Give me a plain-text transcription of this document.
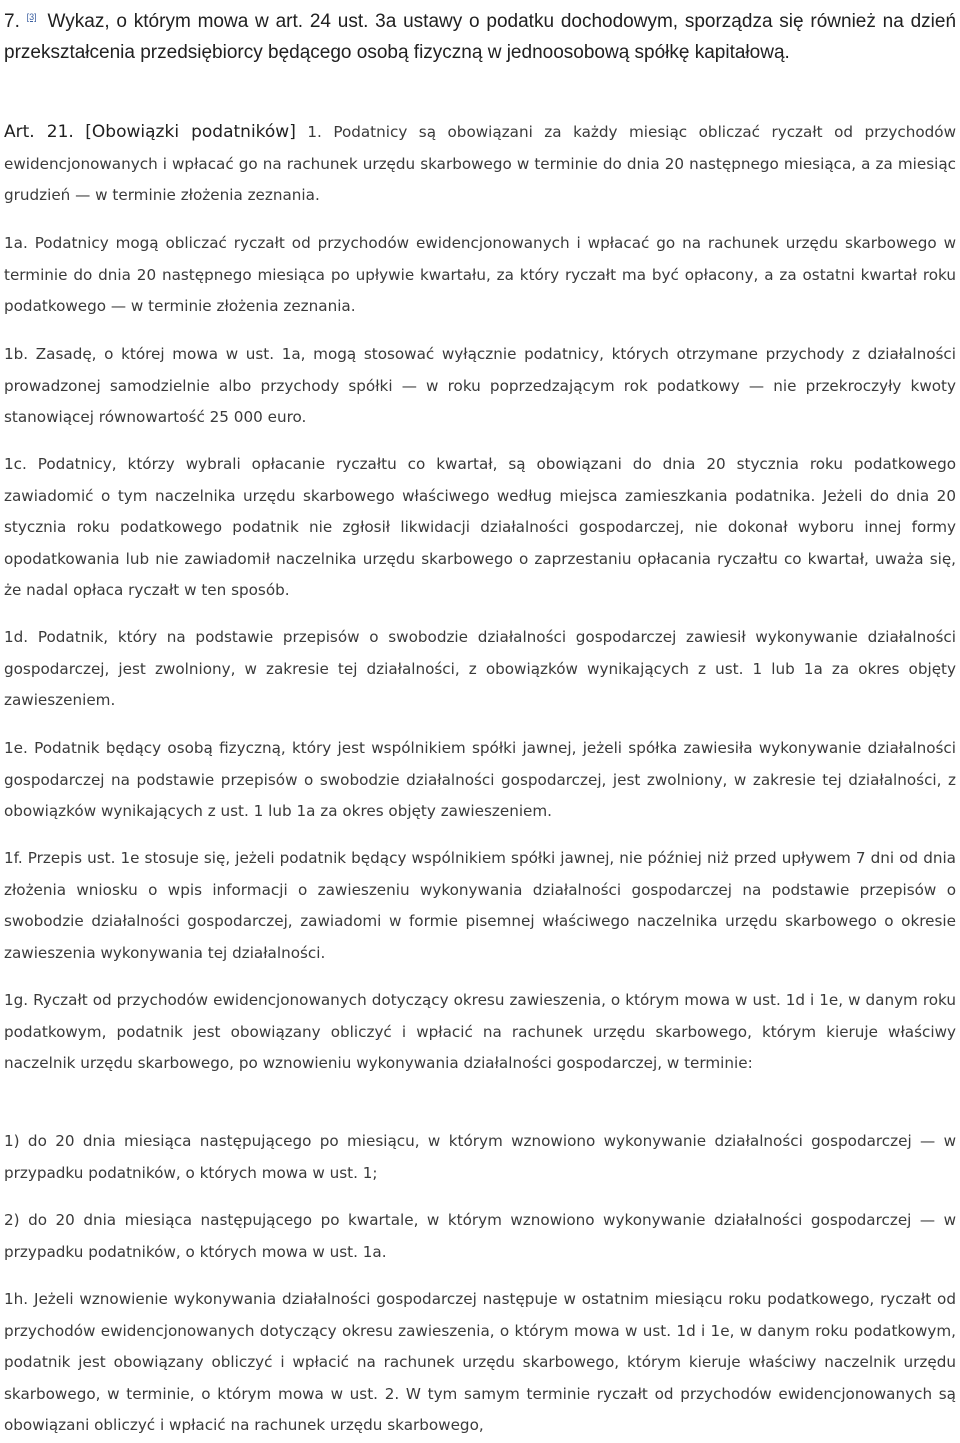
7. [3] Wykaz, o którym mowa w art. 24 ust. 3a ustawy o podatku dochodowym, sporządza się również na dzień przekształcenia przedsiębiorcy będącego osobą fizyczną w jednoosobową spółkę kapitałową.
Art. 21. [Obowiązki podatników] 1. Podatnicy są obowiązani za każdy miesiąc obliczać ryczałt od przychodów ewidencjonowanych i wpłacać go na rachunek urzędu skarbowego w terminie do dnia 20 następnego miesiąca, a za miesiąc grudzień — w terminie złożenia zeznania.
1a. Podatnicy mogą obliczać ryczałt od przychodów ewidencjonowanych i wpłacać go na rachunek urzędu skarbowego w terminie do dnia 20 następnego miesiąca po upływie kwartału, za który ryczałt ma być opłacony, a za ostatni kwartał roku podatkowego — w terminie złożenia zeznania.
1b. Zasadę, o której mowa w ust. 1a, mogą stosować wyłącznie podatnicy, których otrzymane przychody z działalności prowadzonej samodzielnie albo przychody spółki — w roku poprzedzającym rok podatkowy — nie przekroczyły kwoty stanowiącej równowartość 25 000 euro.
1c. Podatnicy, którzy wybrali opłacanie ryczałtu co kwartał, są obowiązani do dnia 20 stycznia roku podatkowego zawiadomić o tym naczelnika urzędu skarbowego właściwego według miejsca zamieszkania podatnika. Jeżeli do dnia 20 stycznia roku podatkowego podatnik nie zgłosił likwidacji działalności gospodarczej, nie dokonał wyboru innej formy opodatkowania lub nie zawiadomił naczelnika urzędu skarbowego o zaprzestaniu opłacania ryczałtu co kwartał, uważa się, że nadal opłaca ryczałt w ten sposób.
1d. Podatnik, który na podstawie przepisów o swobodzie działalności gospodarczej zawiesił wykonywanie działalności gospodarczej, jest zwolniony, w zakresie tej działalności, z obowiązków wynikających z ust. 1 lub 1a za okres objęty zawieszeniem.
1e. Podatnik będący osobą fizyczną, który jest wspólnikiem spółki jawnej, jeżeli spółka zawiesiła wykonywanie działalności gospodarczej na podstawie przepisów o swobodzie działalności gospodarczej, jest zwolniony, w zakresie tej działalności, z obowiązków wynikających z ust. 1 lub 1a za okres objęty zawieszeniem.
1f. Przepis ust. 1e stosuje się, jeżeli podatnik będący wspólnikiem spółki jawnej, nie później niż przed upływem 7 dni od dnia złożenia wniosku o wpis informacji o zawieszeniu wykonywania działalności gospodarczej na podstawie przepisów o swobodzie działalności gospodarczej, zawiadomi w formie pisemnej właściwego naczelnika urzędu skarbowego o okresie zawieszenia wykonywania tej działalności.
1g. Ryczałt od przychodów ewidencjonowanych dotyczący okresu zawieszenia, o którym mowa w ust. 1d i 1e, w danym roku podatkowym, podatnik jest obowiązany obliczyć i wpłacić na rachunek urzędu skarbowego, którym kieruje właściwy naczelnik urzędu skarbowego, po wznowieniu wykonywania działalności gospodarczej, w terminie:
1) do 20 dnia miesiąca następującego po miesiącu, w którym wznowiono wykonywanie działalności gospodarczej — w przypadku podatników, o których mowa w ust. 1;
2) do 20 dnia miesiąca następującego po kwartale, w którym wznowiono wykonywanie działalności gospodarczej — w przypadku podatników, o których mowa w ust. 1a.
1h. Jeżeli wznowienie wykonywania działalności gospodarczej następuje w ostatnim miesiącu roku podatkowego, ryczałt od przychodów ewidencjonowanych dotyczący okresu zawieszenia, o którym mowa w ust. 1d i 1e, w danym roku podatkowym, podatnik jest obowiązany obliczyć i wpłacić na rachunek urzędu skarbowego, którym kieruje właściwy naczelnik urzędu skarbowego, w terminie, o którym mowa w ust. 2. W tym samym terminie ryczałt od przychodów ewidencjonowanych są obowiązani obliczyć i wpłacić na rachunek urzędu skarbowego,
